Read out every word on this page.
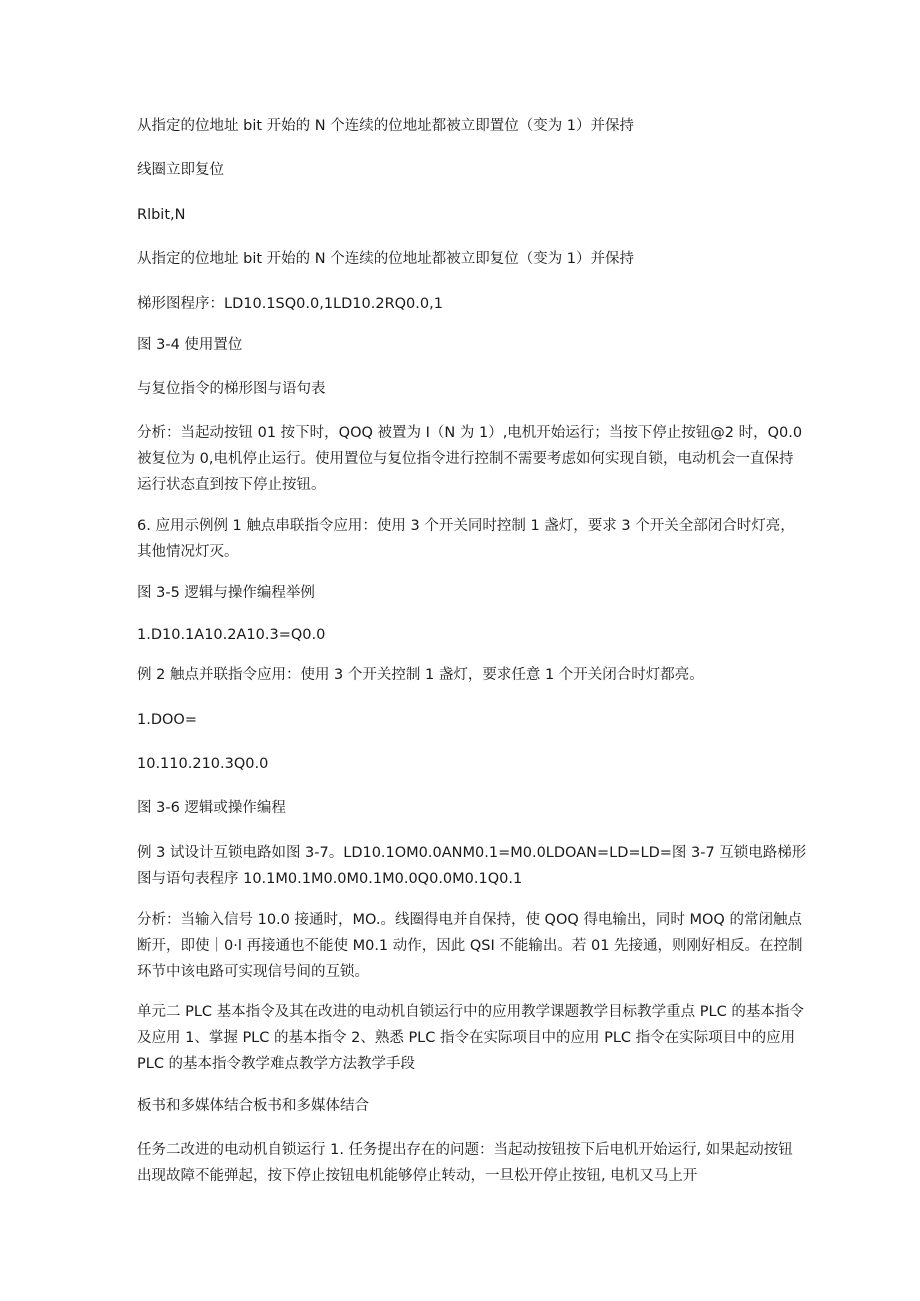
从指定的位地址 bit 开始的 N 个连续的位地址都被立即置位（变为 1）并保持

线圈立即复位

Rlbit,N

从指定的位地址 bit 开始的 N 个连续的位地址都被立即复位（变为 1）并保持

梯形图程序：LD10.1SQ0.0,1LD10.2RQ0.0,1

图 3-4 使用置位

与复位指令的梯形图与语句表

分析：当起动按钮 01 按下时，QOQ 被置为 I（N 为 1）,电机开始运行；当按下停止按钮@2 时，Q0.0 被复位为 0,电机停止运行。使用置位与复位指令进行控制不需要考虑如何实现自锁，电动机会一直保持运行状态直到按下停止按钮。

6. 应用示例例 1 触点串联指令应用：使用 3 个开关同时控制 1 盏灯，要求 3 个开关全部闭合时灯亮，其他情况灯灭。

图 3-5 逻辑与操作编程举例

1.D10.1A10.2A10.3=Q0.0

例 2 触点并联指令应用：使用 3 个开关控制 1 盏灯，要求任意 1 个开关闭合时灯都亮。

1.DOO=

10.110.210.3Q0.0

图 3-6 逻辑或操作编程

例 3 试设计互锁电路如图 3-7。LD10.1OM0.0ANM0.1=M0.0LDOAN=LD=LD=图 3-7 互锁电路梯形图与语句表程序 10.1M0.1M0.0M0.1M0.0Q0.0M0.1Q0.1

分析：当输入信号 10.0 接通时，MO.。线圈得电并自保持，使 QOQ 得电输出，同时 MOQ 的常闭触点断开，即使｜0·l 再接通也不能使 M0.1 动作，因此 QSI 不能输出。若 01 先接通，则刚好相反。在控制环节中该电路可实现信号间的互锁。

单元二 PLC 基本指令及其在改进的电动机自锁运行中的应用教学课题教学目标教学重点 PLC 的基本指令及应用 1、掌握 PLC 的基本指令 2、熟悉 PLC 指令在实际项目中的应用 PLC 指令在实际项目中的应用 PLC 的基本指令教学难点教学方法教学手段

板书和多媒体结合板书和多媒体结合

任务二改进的电动机自锁运行 1. 任务提出存在的问题：当起动按钮按下后电机开始运行, 如果起动按钮出现故障不能弹起，按下停止按钮电机能够停止转动，一旦松开停止按钮, 电机又马上开
